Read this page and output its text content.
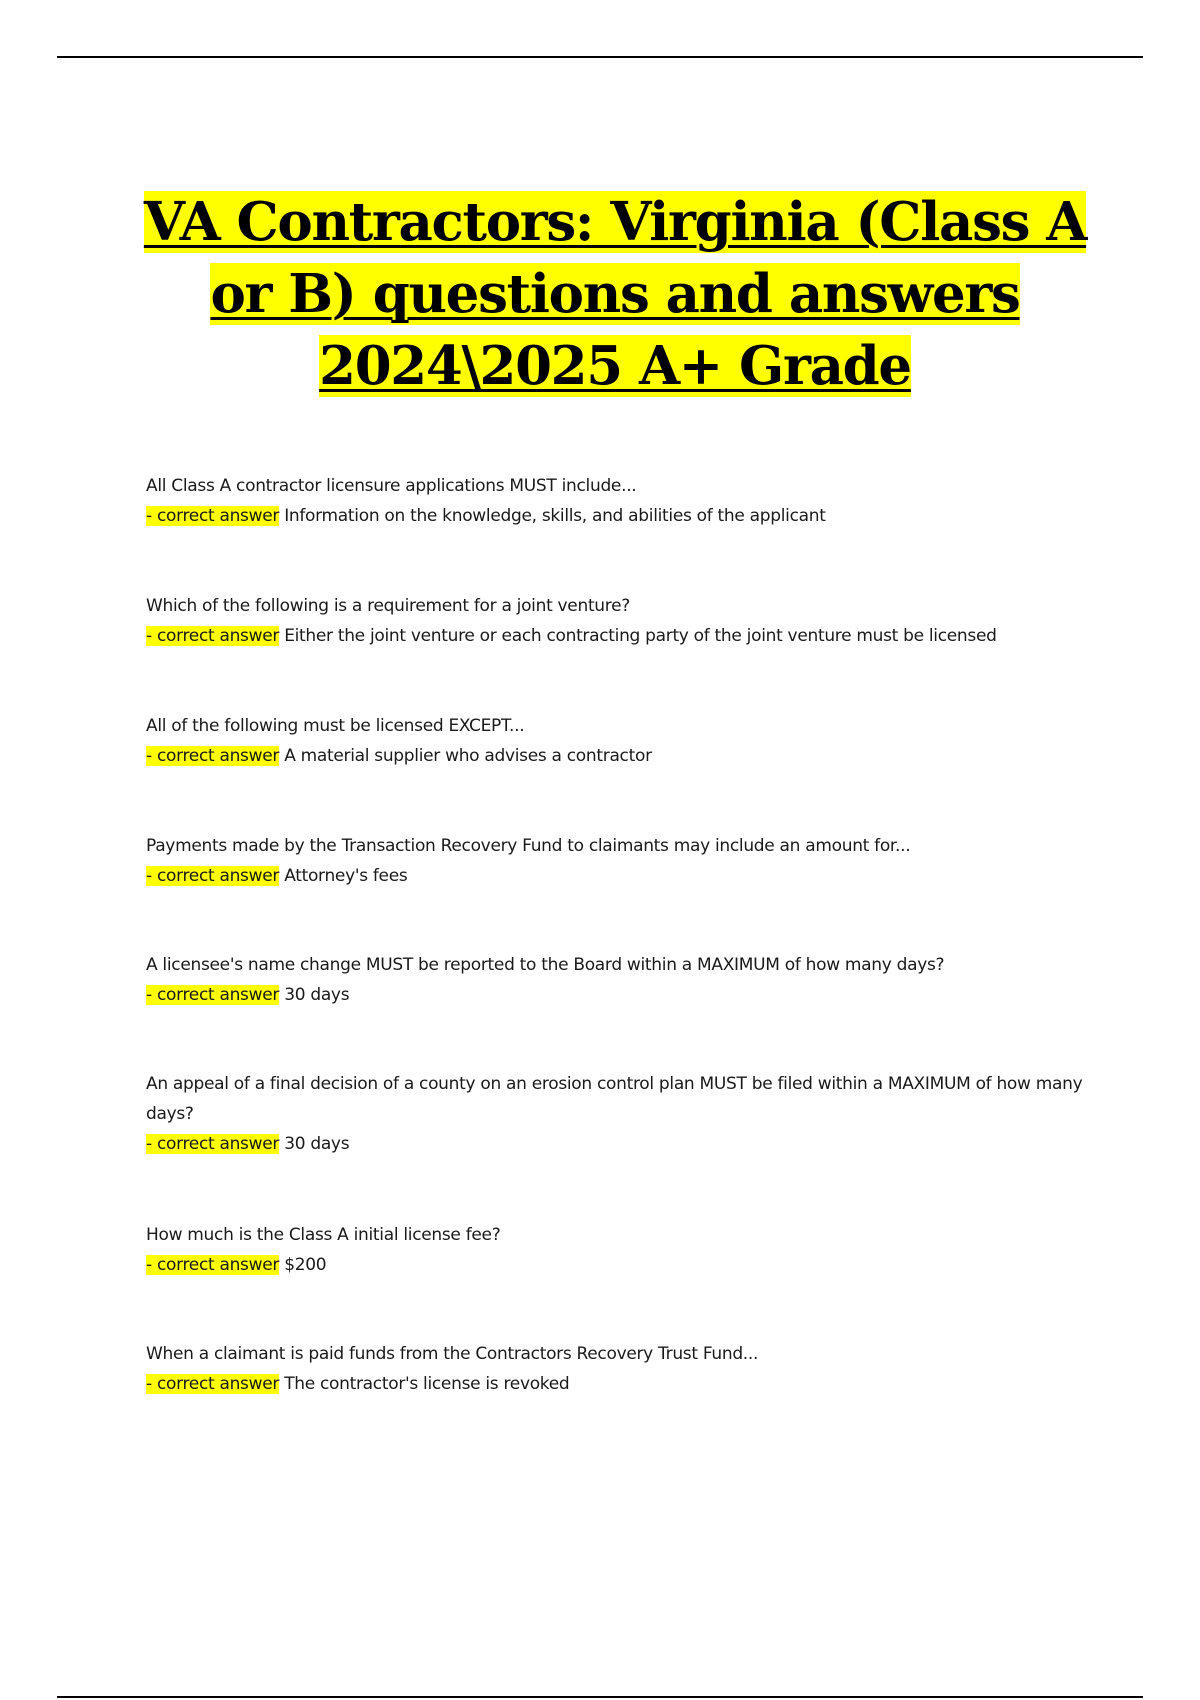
VA Contractors: Virginia (Class A or B) questions and answers 2024\2025 A+ Grade
All Class A contractor licensure applications MUST include...
- correct answer Information on the knowledge, skills, and abilities of the applicant
Which of the following is a requirement for a joint venture?
- correct answer Either the joint venture or each contracting party of the joint venture must be licensed
All of the following must be licensed EXCEPT...
- correct answer A material supplier who advises a contractor
Payments made by the Transaction Recovery Fund to claimants may include an amount for...
- correct answer Attorney's fees
A licensee's name change MUST be reported to the Board within a MAXIMUM of how many days?
- correct answer 30 days
An appeal of a final decision of a county on an erosion control plan MUST be filed within a MAXIMUM of how many days?
- correct answer 30 days
How much is the Class A initial license fee?
- correct answer $200
When a claimant is paid funds from the Contractors Recovery Trust Fund...
- correct answer The contractor's license is revoked
